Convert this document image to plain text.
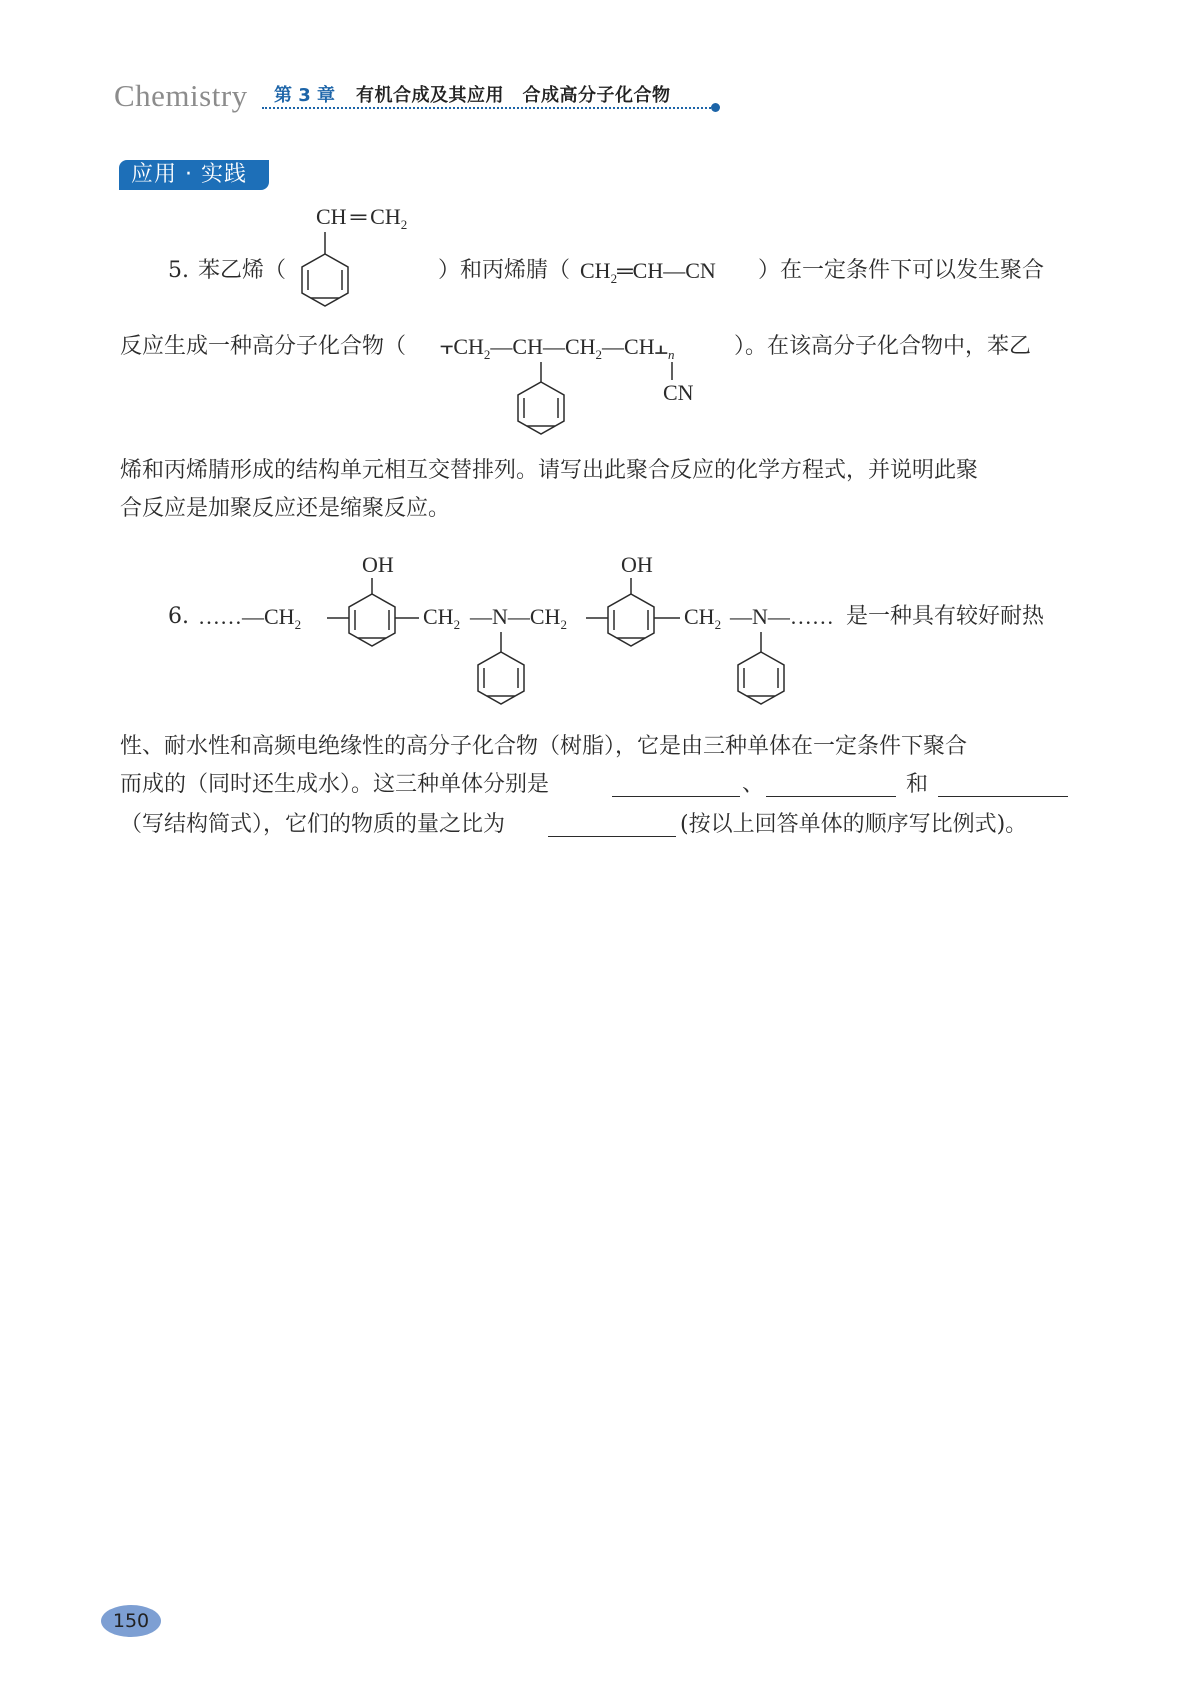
Chemistry 第 3 章 有机合成及其应用　合成高分子化合物
应用 · 实践
CH ═ $CH_2$
5. 苯乙烯（	）和丙烯腈（ $CH_2═CH—CN$ ）在一定条件下可以发生聚合
反应生成一种高分子化合物（ $⫟CH_2—CH—CH_2—CH⫠_n$	）。在该高分子化合物中，苯乙
CN
烯和丙烯腈形成的结构单元相互交替排列。请写出此聚合反应的化学方程式，并说明此聚
合反应是加聚反应还是缩聚反应。
OH	OH
6. $\dots\dots—CH_2$	$CH_2$ $—N—CH_2$	$CH_2$ —N—…… 是一种具有较好耐热
性、耐水性和高频电绝缘性的高分子化合物（树脂），它是由三种单体在一定条件下聚合
而成的（同时还生成水）。这三种单体分别是	、	和
（写结构简式），它们的物质的量之比为	(按以上回答单体的顺序写比例式)。
150
